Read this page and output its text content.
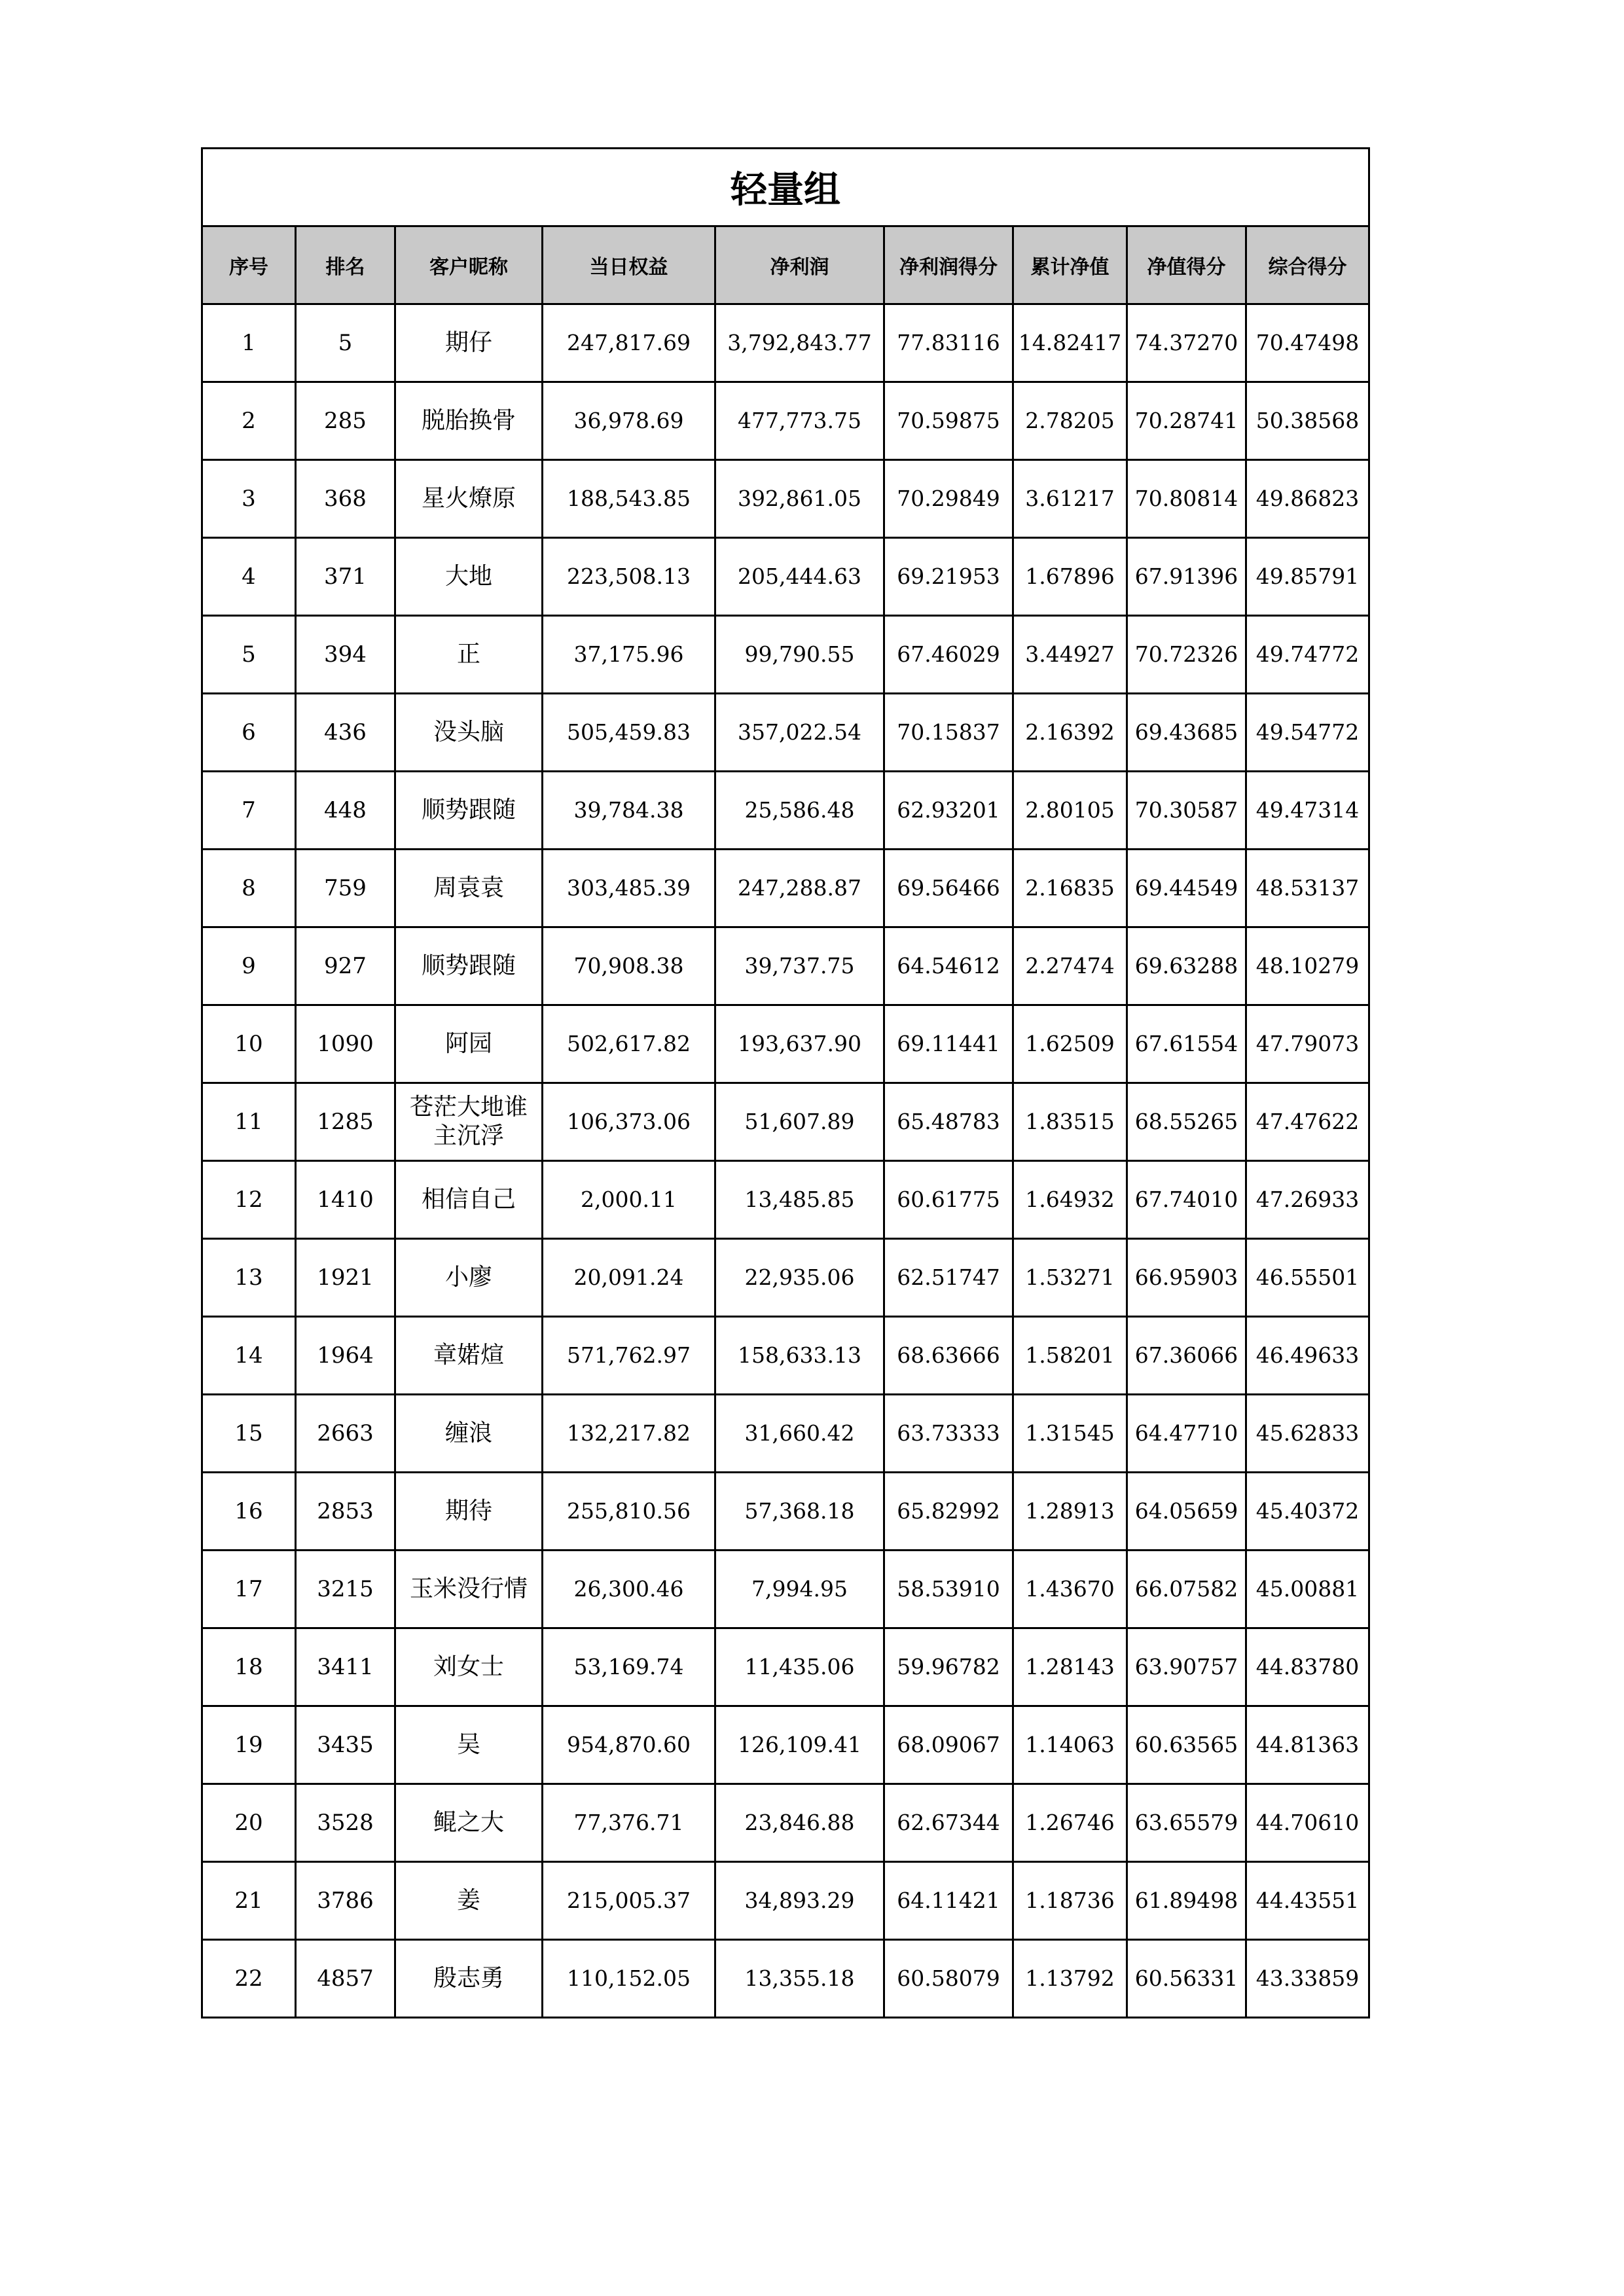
轻量组								
序号	排名	客户昵称	当日权益	净利润	净利润得分	累计净值	净值得分	综合得分
1	5	期仔	247,817.69	3,792,843.77	77.83116	14.82417	74.37270	70.47498
2	285	脱胎换骨	36,978.69	477,773.75	70.59875	2.78205	70.28741	50.38568
3	368	星火燎原	188,543.85	392,861.05	70.29849	3.61217	70.80814	49.86823
4	371	大地	223,508.13	205,444.63	69.21953	1.67896	67.91396	49.85791
5	394	正	37,175.96	99,790.55	67.46029	3.44927	70.72326	49.74772
6	436	没头脑	505,459.83	357,022.54	70.15837	2.16392	69.43685	49.54772
7	448	顺势跟随	39,784.38	25,586.48	62.93201	2.80105	70.30587	49.47314
8	759	周袁袁	303,485.39	247,288.87	69.56466	2.16835	69.44549	48.53137
9	927	顺势跟随	70,908.38	39,737.75	64.54612	2.27474	69.63288	48.10279
10	1090	阿园	502,617.82	193,637.90	69.11441	1.62509	67.61554	47.79073
11	1285	苍茫大地谁主沉浮	106,373.06	51,607.89	65.48783	1.83515	68.55265	47.47622
12	1410	相信自己	2,000.11	13,485.85	60.61775	1.64932	67.74010	47.26933
13	1921	小廖	20,091.24	22,935.06	62.51747	1.53271	66.95903	46.55501
14	1964	章婼煊	571,762.97	158,633.13	68.63666	1.58201	67.36066	46.49633
15	2663	缠浪	132,217.82	31,660.42	63.73333	1.31545	64.47710	45.62833
16	2853	期待	255,810.56	57,368.18	65.82992	1.28913	64.05659	45.40372
17	3215	玉米没行情	26,300.46	7,994.95	58.53910	1.43670	66.07582	45.00881
18	3411	刘女士	53,169.74	11,435.06	59.96782	1.28143	63.90757	44.83780
19	3435	吴	954,870.60	126,109.41	68.09067	1.14063	60.63565	44.81363
20	3528	鲲之大	77,376.71	23,846.88	62.67344	1.26746	63.65579	44.70610
21	3786	姜	215,005.37	34,893.29	64.11421	1.18736	61.89498	44.43551
22	4857	殷志勇	110,152.05	13,355.18	60.58079	1.13792	60.56331	43.33859
